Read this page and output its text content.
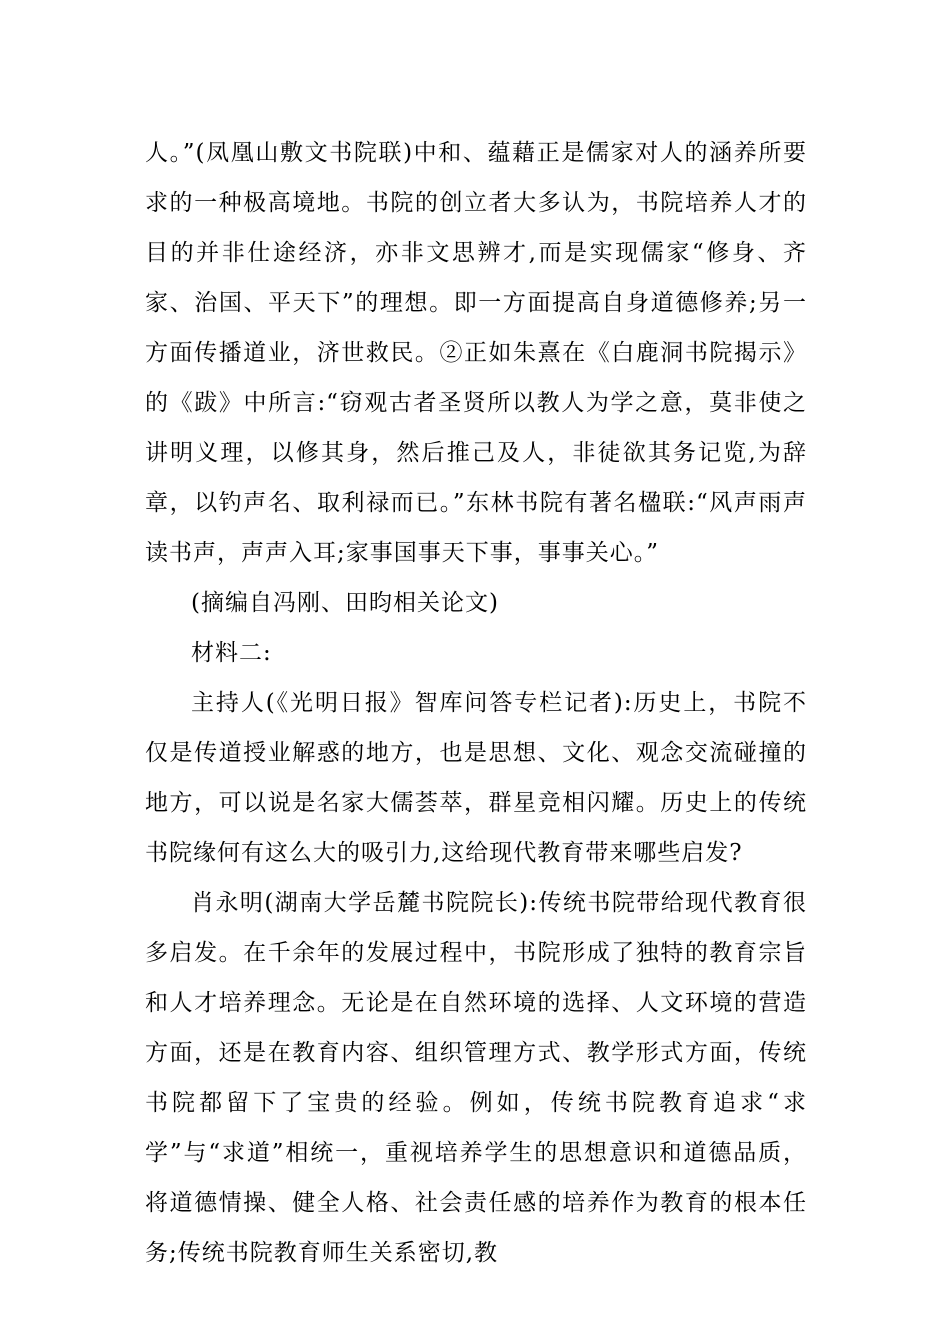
人。”(凤凰山敷文书院联)中和、蕴藉正是儒家对人的涵养所要求的一种极高境地。书院的创立者大多认为，书院培养人才的目的并非仕途经济，亦非文思辨才,而是实现儒家“修身、齐家、治国、平天下”的理想。即一方面提高自身道德修养;另一方面传播道业，济世救民。②正如朱熹在《白鹿洞书院揭示》的《跋》中所言:“窃观古者圣贤所以教人为学之意，莫非使之讲明义理，以修其身，然后推己及人，非徒欲其务记览,为辞章，以钓声名、取利禄而已。”东林书院有著名楹联:“风声雨声读书声，声声入耳;家事国事天下事，事事关心。”

(摘编自冯刚、田昀相关论文)

材料二:

主持人(《光明日报》智库问答专栏记者):历史上，书院不仅是传道授业解惑的地方，也是思想、文化、观念交流碰撞的地方，可以说是名家大儒荟萃，群星竞相闪耀。历史上的传统书院缘何有这么大的吸引力,这给现代教育带来哪些启发?

肖永明(湖南大学岳麓书院院长):传统书院带给现代教育很多启发。在千余年的发展过程中，书院形成了独特的教育宗旨和人才培养理念。无论是在自然环境的选择、人文环境的营造方面，还是在教育内容、组织管理方式、教学形式方面，传统书院都留下了宝贵的经验。例如，传统书院教育追求“求学”与“求道”相统一，重视培养学生的思想意识和道德品质，将道德情操、健全人格、社会责任感的培养作为教育的根本任务;传统书院教育师生关系密切,教
